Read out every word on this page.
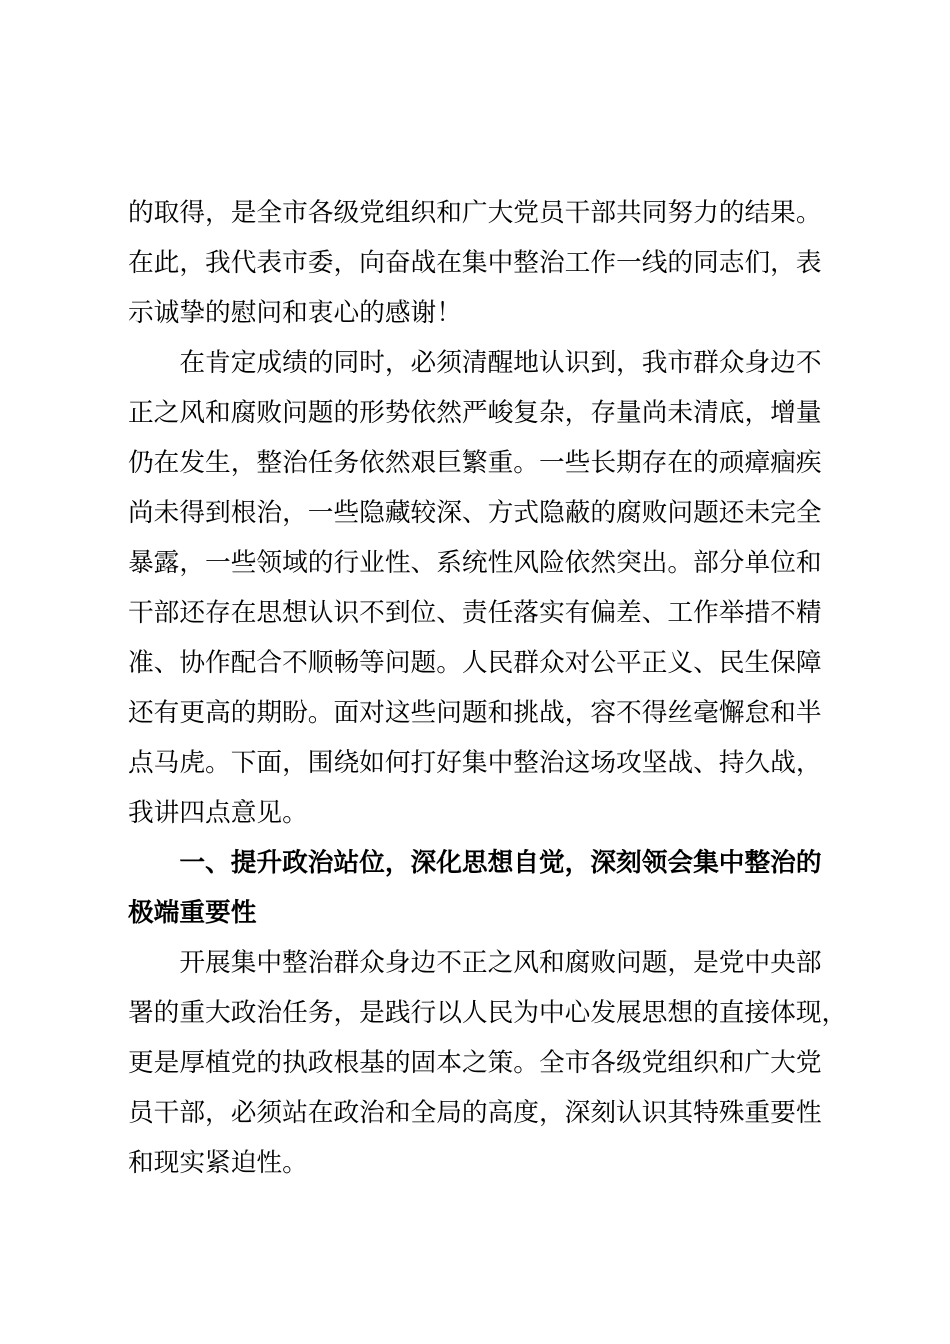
的取得，是全市各级党组织和广大党员干部共同努力的结果。
在此，我代表市委，向奋战在集中整治工作一线的同志们，表
示诚挚的慰问和衷心的感谢！
　　在肯定成绩的同时，必须清醒地认识到，我市群众身边不
正之风和腐败问题的形势依然严峻复杂，存量尚未清底，增量
仍在发生，整治任务依然艰巨繁重。一些长期存在的顽瘴痼疾
尚未得到根治，一些隐藏较深、方式隐蔽的腐败问题还未完全
暴露，一些领域的行业性、系统性风险依然突出。部分单位和
干部还存在思想认识不到位、责任落实有偏差、工作举措不精
准、协作配合不顺畅等问题。人民群众对公平正义、民生保障
还有更高的期盼。面对这些问题和挑战，容不得丝毫懈怠和半
点马虎。下面，围绕如何打好集中整治这场攻坚战、持久战，
我讲四点意见。
　　一、提升政治站位，深化思想自觉，深刻领会集中整治的
极端重要性
　　开展集中整治群众身边不正之风和腐败问题，是党中央部
署的重大政治任务，是践行以人民为中心发展思想的直接体现，
更是厚植党的执政根基的固本之策。全市各级党组织和广大党
员干部，必须站在政治和全局的高度，深刻认识其特殊重要性
和现实紧迫性。
